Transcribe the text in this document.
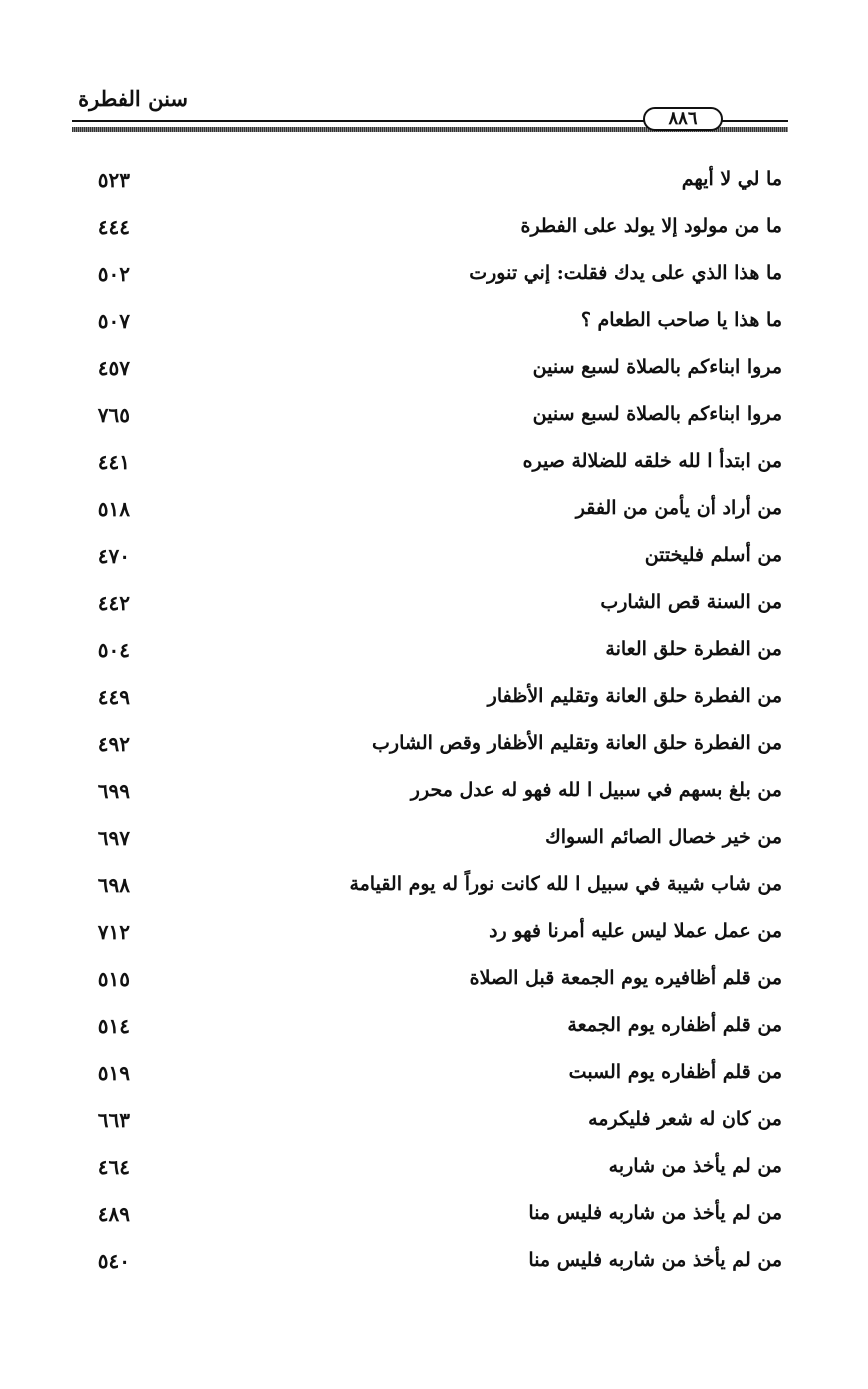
سنن الفطرة
٨٨٦
ما لي لا أيهم
٥٢٣
ما من مولود إلا يولد على الفطرة
٤٤٤
ما هذا الذي على يدك فقلت: إني تنورت
٥٠٢
ما هذا يا صاحب الطعام ؟
٥٠٧
مروا ابناءكم بالصلاة لسبع سنين
٤٥٧
مروا ابناءكم بالصلاة لسبع سنين
٧٦٥
من ابتدأ ا لله خلقه للضلالة صيره
٤٤١
من أراد أن يأمن من الفقر
٥١٨
من أسلم فليختتن
٤٧٠
من السنة قص الشارب
٤٤٢
من الفطرة حلق العانة
٥٠٤
من الفطرة حلق العانة وتقليم الأظفار
٤٤٩
من الفطرة حلق العانة وتقليم الأظفار وقص الشارب
٤٩٢
من بلغ بسهم في سبيل ا لله فهو له عدل محرر
٦٩٩
من خير خصال الصائم السواك
٦٩٧
من شاب شيبة في سبيل ا لله كانت نوراً له يوم القيامة
٦٩٨
من عمل عملا ليس عليه أمرنا فهو رد
٧١٢
من قلم أظافيره يوم الجمعة قبل الصلاة
٥١٥
من قلم أظفاره يوم الجمعة
٥١٤
من قلم أظفاره يوم السبت
٥١٩
من كان له شعر فليكرمه
٦٦٣
من لم يأخذ من شاربه
٤٦٤
من لم يأخذ من شاربه فليس منا
٤٨٩
من لم يأخذ من شاربه فليس منا
٥٤٠
